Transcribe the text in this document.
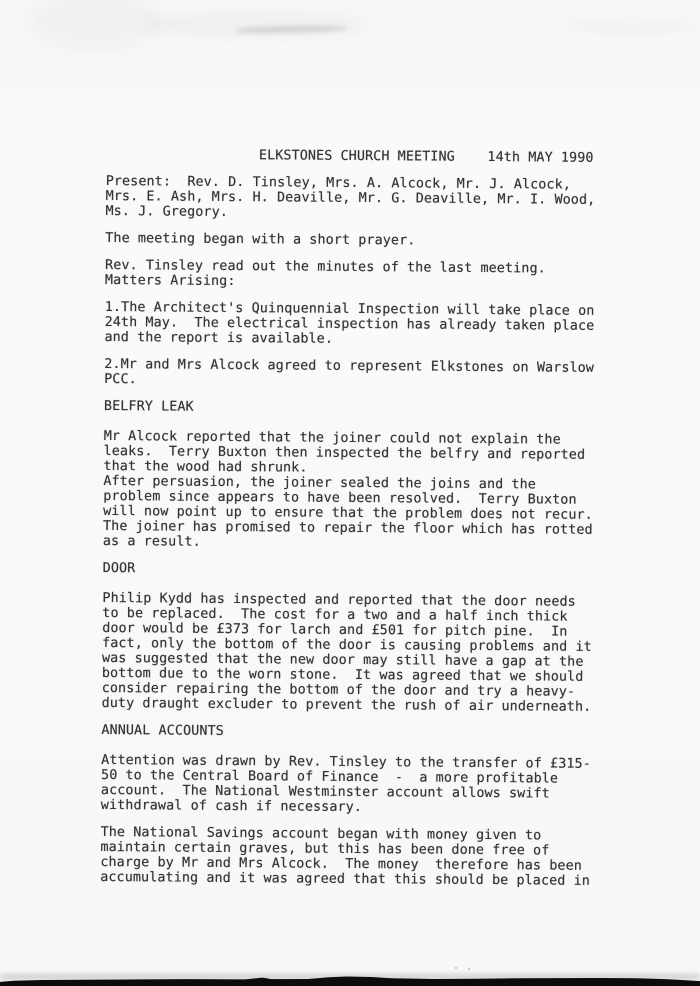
ELKSTONES CHURCH MEETING    14th MAY 1990
Present:  Rev. D. Tinsley, Mrs. A. Alcock, Mr. J. Alcock,
Mrs. E. Ash, Mrs. H. Deaville, Mr. G. Deaville, Mr. I. Wood,
Ms. J. Gregory.
The meeting began with a short prayer.
Rev. Tinsley read out the minutes of the last meeting.
Matters Arising:
1.The Architect's Quinquennial Inspection will take place on
24th May.  The electrical inspection has already taken place
and the report is available.
2.Mr and Mrs Alcock agreed to represent Elkstones on Warslow
PCC.
BELFRY LEAK
Mr Alcock reported that the joiner could not explain the
leaks.  Terry Buxton then inspected the belfry and reported
that the wood had shrunk.
After persuasion, the joiner sealed the joins and the
problem since appears to have been resolved.  Terry Buxton
will now point up to ensure that the problem does not recur.
The joiner has promised to repair the floor which has rotted
as a result.
DOOR
Philip Kydd has inspected and reported that the door needs
to be replaced.  The cost for a two and a half inch thick
door would be £373 for larch and £501 for pitch pine.  In
fact, only the bottom of the door is causing problems and it
was suggested that the new door may still have a gap at the
bottom due to the worn stone.  It was agreed that we should
consider repairing the bottom of the door and try a heavy-
duty draught excluder to prevent the rush of air underneath.
ANNUAL ACCOUNTS
Attention was drawn by Rev. Tinsley to the transfer of £315-
50 to the Central Board of Finance  -  a more profitable
account.  The National Westminster account allows swift
withdrawal of cash if necessary.
The National Savings account began with money given to
maintain certain graves, but this has been done free of
charge by Mr and Mrs Alcock.  The money  therefore has been
accumulating and it was agreed that this should be placed in
